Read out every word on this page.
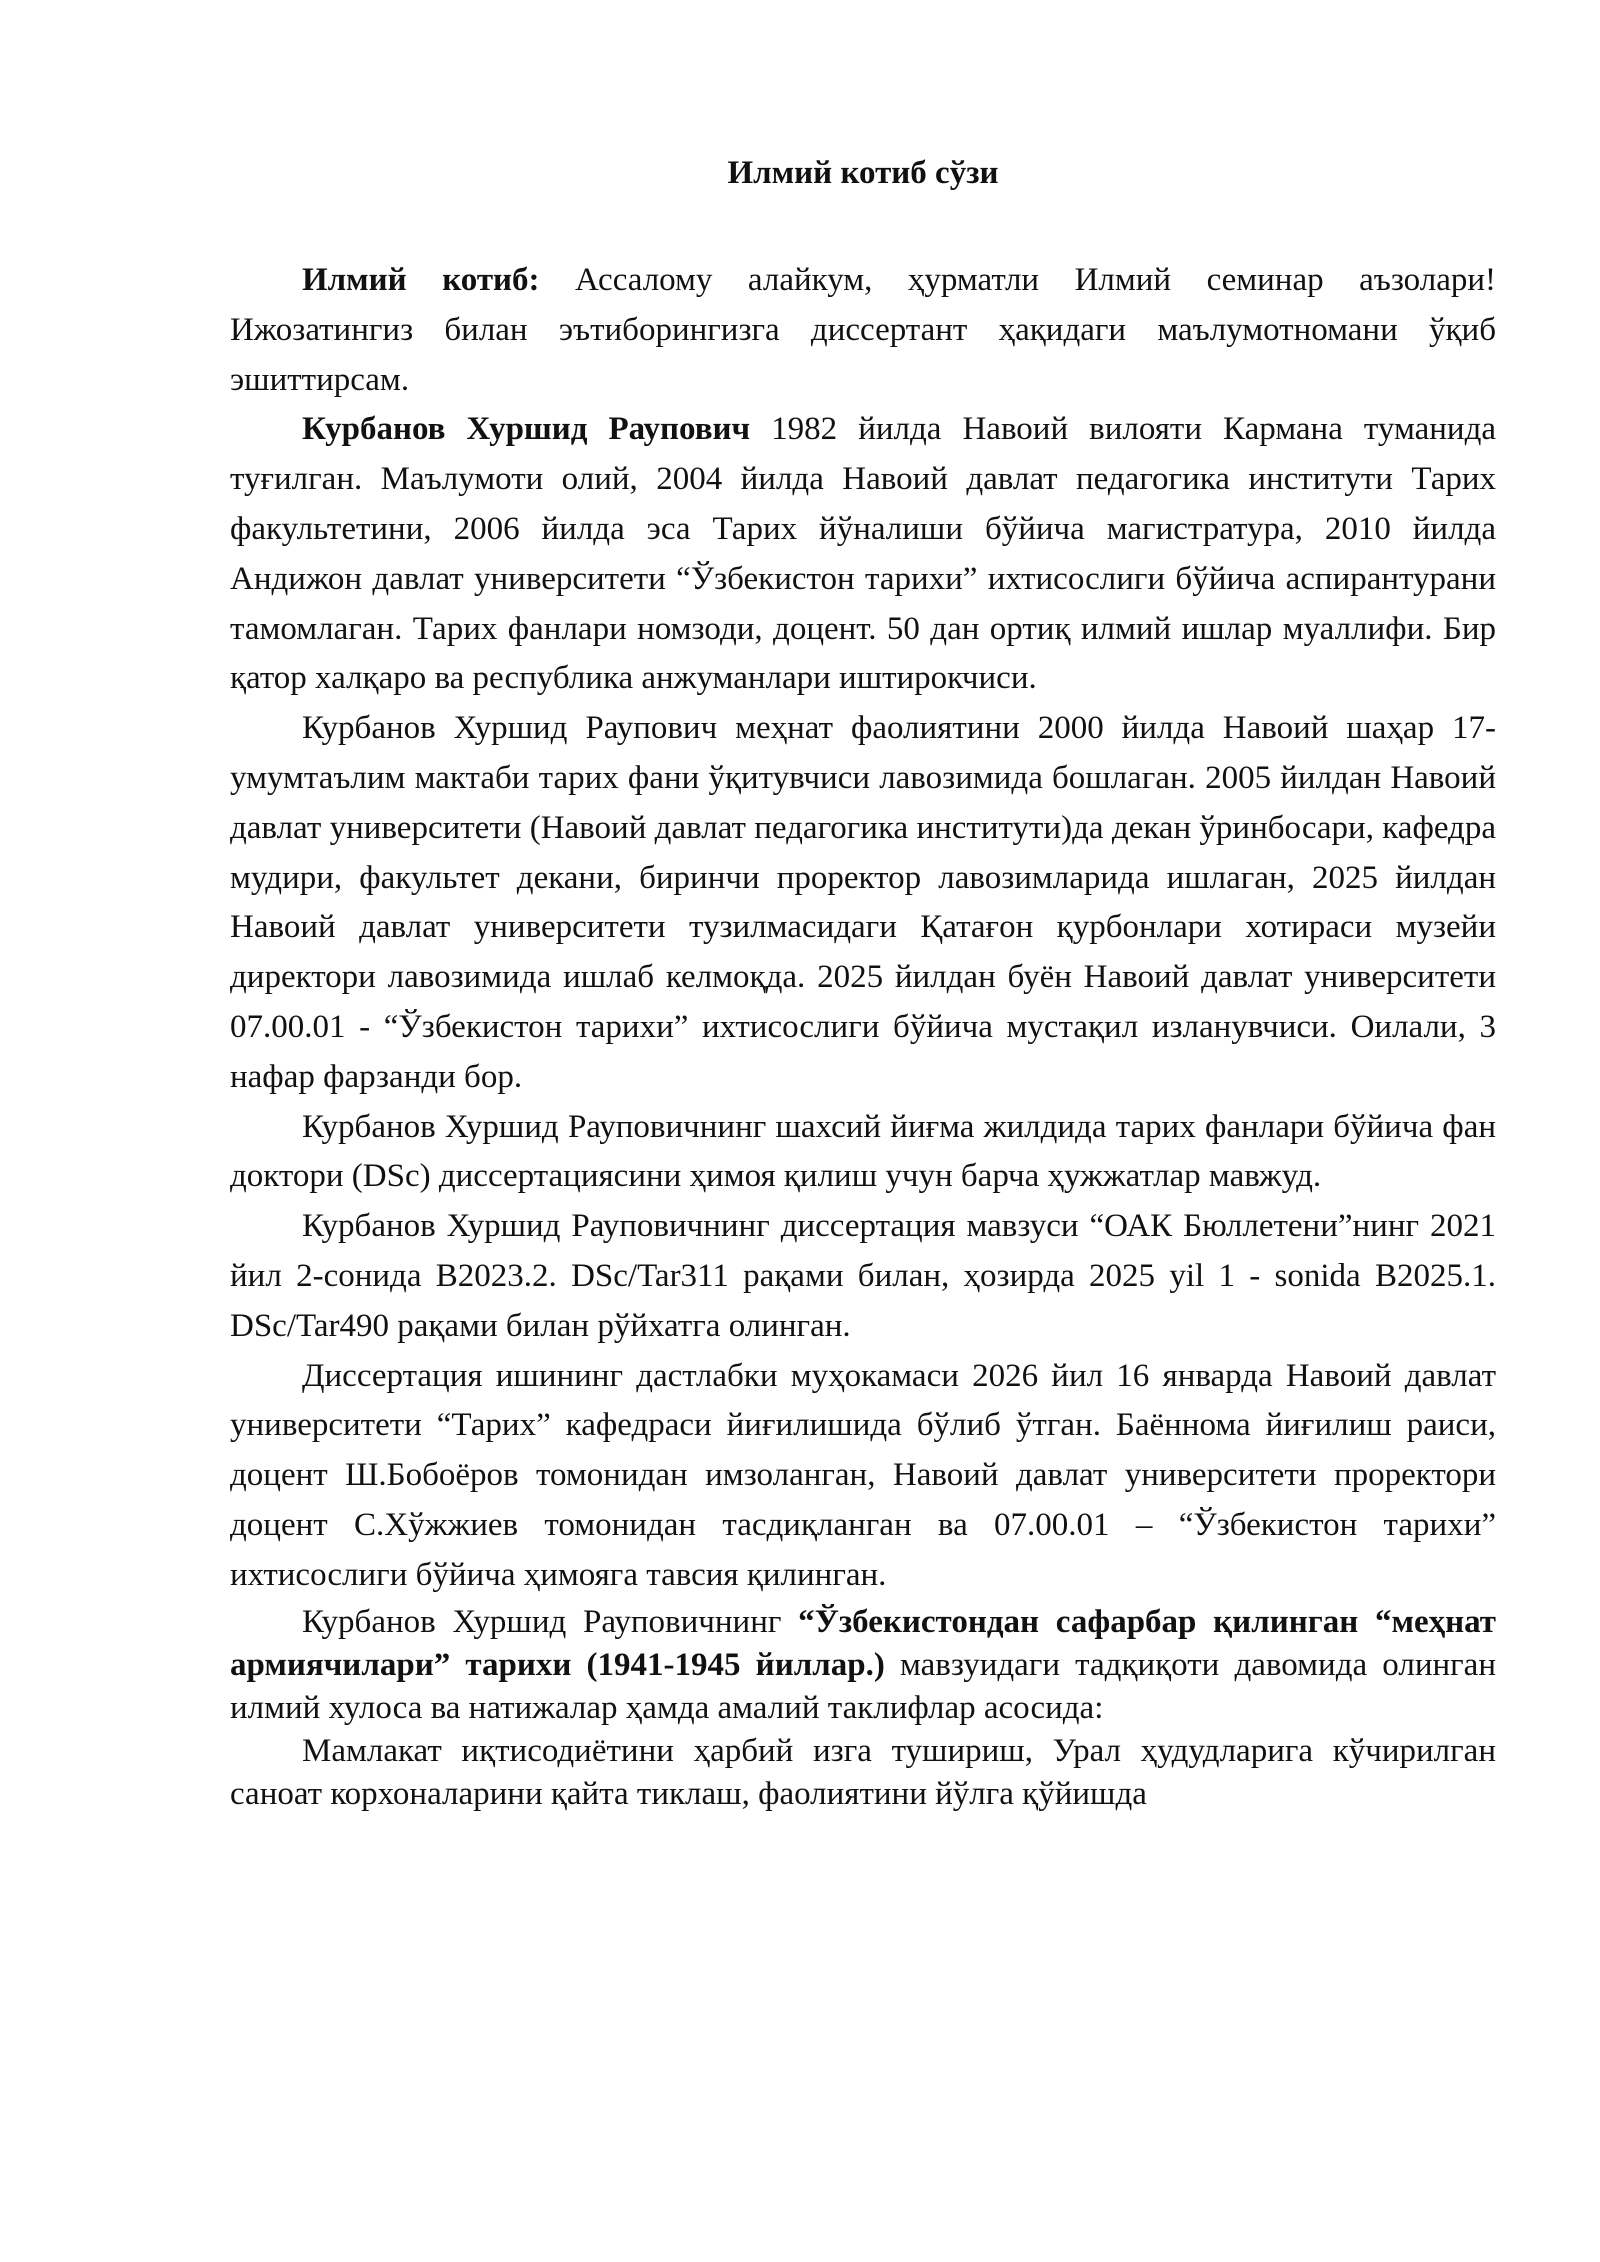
Илмий котиб сўзи

Илмий котиб: Ассалому алайкум, ҳурматли Илмий семинар аъзолари! Ижозатингиз билан эътиборингизга диссертант ҳақидаги маълумотномани ўқиб эшиттирсам.

Курбанов Хуршид Раупович 1982 йилда Навоий вилояти Кармана туманида туғилган. Маълумоти олий, 2004 йилда Навоий давлат педагогика институти Тарих факультетини, 2006 йилда эса Тарих йўналиши бўйича магистратура, 2010 йилда Андижон давлат университети “Ўзбекистон тарихи” ихтисослиги бўйича аспирантурани тамомлаган. Тарих фанлари номзоди, доцент. 50 дан ортиқ илмий ишлар муаллифи. Бир қатор халқаро ва республика анжуманлари иштирокчиси.

Курбанов Хуршид Раупович меҳнат фаолиятини 2000 йилда Навоий шаҳар 17-умумтаълим мактаби тарих фани ўқитувчиси лавозимида бошлаган. 2005 йилдан Навоий давлат университети (Навоий давлат педагогика институти)да декан ўринбосари, кафедра мудири, факультет декани, биринчи проректор лавозимларида ишлаган, 2025 йилдан Навоий давлат университети тузилмасидаги Қатағон қурбонлари хотираси музейи директори лавозимида ишлаб келмоқда. 2025 йилдан буён Навоий давлат университети 07.00.01 - “Ўзбекистон тарихи” ихтисослиги бўйича мустақил изланувчиси. Оилали, 3 нафар фарзанди бор.

Курбанов Хуршид Рауповичнинг шахсий йиғма жилдида тарих фанлари бўйича фан доктори (DSc) диссертациясини ҳимоя қилиш учун барча ҳужжатлар мавжуд.

Курбанов Хуршид Рауповичнинг диссертация мавзуси “ОАК Бюллетени”нинг 2021 йил 2-сонида B2023.2. DSc/Tar311 рақами билан, ҳозирда 2025 yil 1 - sonida B2025.1. DSc/Tar490 рақами билан рўйхатга олинган.

Диссертация ишининг дастлабки муҳокамаси 2026 йил 16 январда Навоий давлат университети “Тарих” кафедраси йиғилишида бўлиб ўтган. Баённома йиғилиш раиси, доцент Ш.Бобоёров томонидан имзоланган, Навоий давлат университети проректори доцент С.Хўжжиев томонидан тасдиқланган ва 07.00.01 – “Ўзбекистон тарихи” ихтисослиги бўйича ҳимояга тавсия қилинган.

Курбанов Хуршид Рауповичнинг “Ўзбекистондан сафарбар қилинган “меҳнат армиячилари” тарихи (1941-1945 йиллар.) мавзуидаги тадқиқоти давомида олинган илмий хулоса ва натижалар ҳамда амалий таклифлар асосида:

Мамлакат иқтисодиётини ҳарбий изга тушириш, Урал ҳудудларига кўчирилган саноат корхоналарини қайта тиклаш, фаолиятини йўлга қўйишда
